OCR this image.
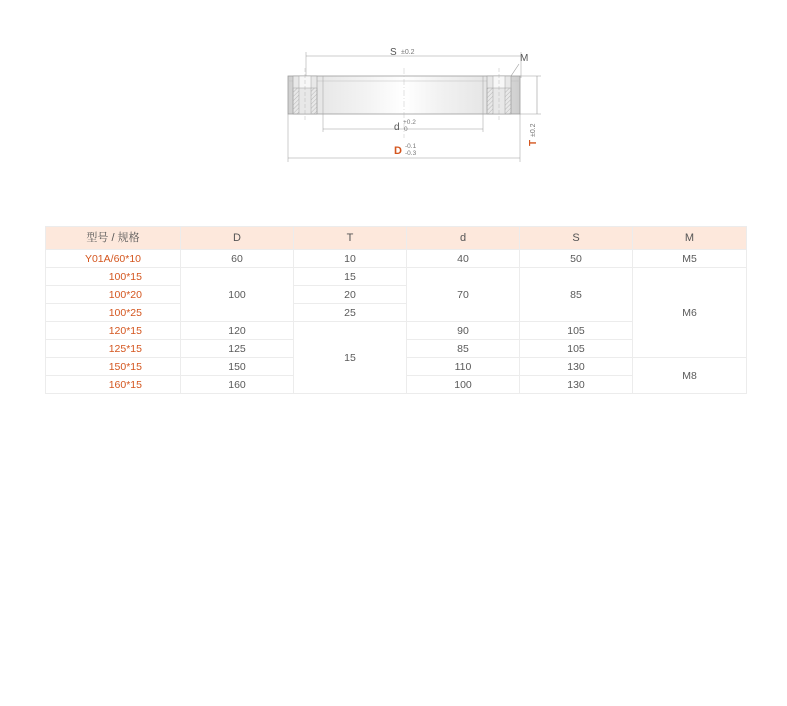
S ±0.2
M
T
±0.2
d +0.2
0
D -0.1
-0.3
型号 / 规格	D	T	d	S	M
Y01A/60*10	60	10	40	50	M5
100*15	100	15	70	85	M6
100*20		20			
100*25		25			
120*15	120	15	90	105	
125*15	125		85	105	
150*15	150		110	130	M8
160*15	160		100	130	
